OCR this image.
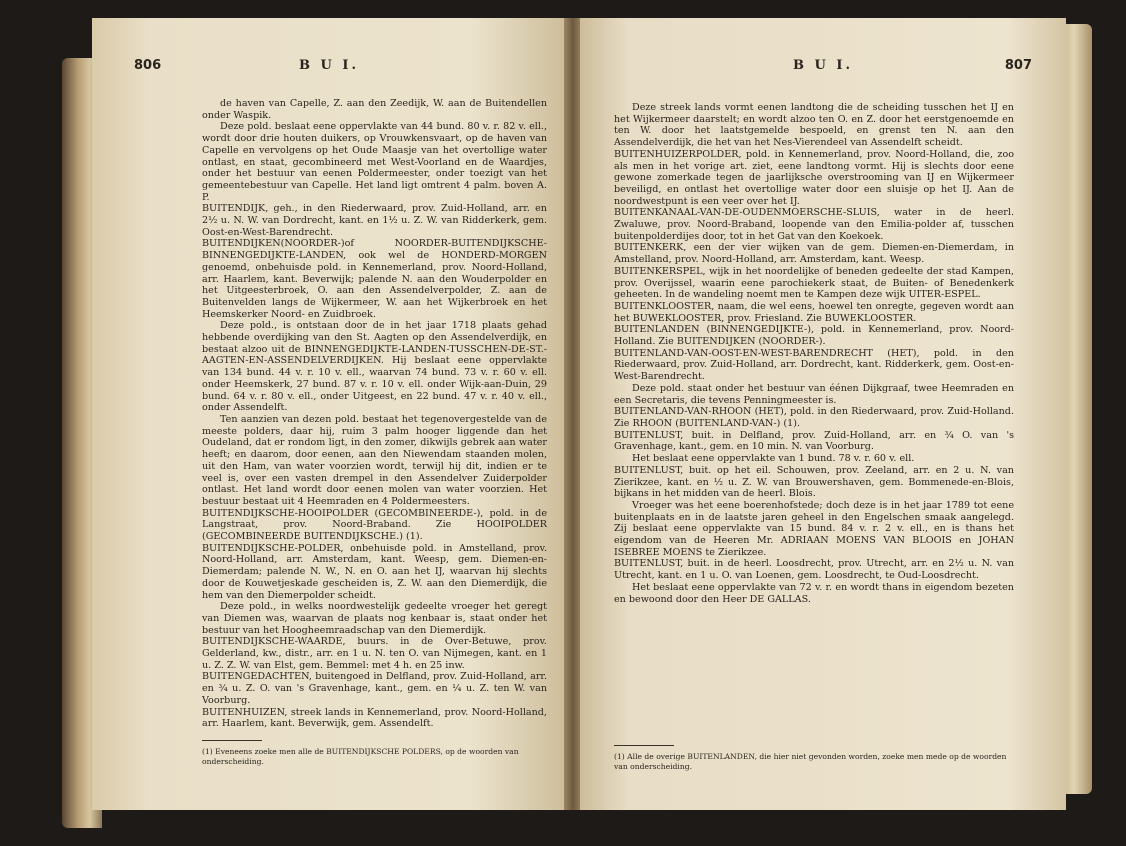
806	B U I.

de haven van Capelle, Z. aan den Zeedijk, W. aan de Buitendellen onder Waspik.

Deze pold. beslaat eene oppervlakte van 44 bund. 80 v. r. 82 v. ell., wordt door drie houten duikers, op Vrouwkensvaart, op de haven van Capelle en vervolgens op het Oude Maasje van het overtollige water ontlast, en staat, gecombineerd met West-Voorland en de Waardjes, onder het bestuur van eenen Poldermeester, onder toezigt van het gemeentebestuur van Capelle. Het land ligt omtrent 4 palm. boven A. P.

BUITENDIJK, geh., in den Riederwaard, prov. Zuid-Holland, arr. en 2½ u. N. W. van Dordrecht, kant. en 1½ u. Z. W. van Ridderkerk, gem. Oost-en-West-Barendrecht.

BUITENDIJKEN(NOORDER-)of NOORDER-BUITENDIJKSCHE-BINNENGEDIJKTE-LANDEN, ook wel de HONDERD-MORGEN genoemd, onbehuisde pold. in Kennemerland, prov. Noord-Holland, arr. Haarlem, kant. Beverwijk; palende N. aan den Wouderpolder en het Uitgeesterbroek, O. aan den Assendelverpolder, Z. aan de Buitenvelden langs de Wijkermeer, W. aan het Wijkerbroek en het Heemskerker Noord- en Zuidbroek.

Deze pold., is ontstaan door de in het jaar 1718 plaats gehad hebbende overdijking van den St. Aagten op den Assendelverdijk, en bestaat alzoo uit de BINNENGEDIJKTE-LANDEN-TUSSCHEN-DE-ST.-AAGTEN-EN-ASSENDELVERDIJKEN. Hij beslaat eene oppervlakte van 134 bund. 44 v. r. 10 v. ell., waarvan 74 bund. 73 v. r. 60 v. ell. onder Heemskerk, 27 bund. 87 v. r. 10 v. ell. onder Wijk-aan-Duin, 29 bund. 64 v. r. 80 v. ell., onder Uitgeest, en 22 bund. 47 v. r. 40 v. ell., onder Assendelft.

Ten aanzien van dezen pold. bestaat het tegenovergestelde van de meeste polders, daar hij, ruim 3 palm hooger liggende dan het Oudeland, dat er rondom ligt, in den zomer, dikwijls gebrek aan water heeft; en daarom, door eenen, aan den Niewendam staanden molen, uit den Ham, van water voorzien wordt, terwijl hij dit, indien er te veel is, over een vasten drempel in den Assendelver Zuiderpolder ontlast. Het land wordt door eenen molen van water voorzien. Het bestuur bestaat uit 4 Heemraden en 4 Poldermeesters.

BUITENDIJKSCHE-HOOIPOLDER (GECOMBINEERDE-), pold. in de Langstraat, prov. Noord-Braband. Zie HOOIPOLDER (GECOMBINEERDE BUITENDIJKSCHE.) (1).

BUITENDIJKSCHE-POLDER, onbehuisde pold. in Amstelland, prov. Noord-Holland, arr. Amsterdam, kant. Weesp, gem. Diemen-en-Diemerdam; palende N. W., N. en O. aan het IJ, waarvan hij slechts door de Kouwetjeskade gescheiden is, Z. W. aan den Diemerdijk, die hem van den Diemerpolder scheidt.

Deze pold., in welks noordwestelijk gedeelte vroeger het geregt van Diemen was, waarvan de plaats nog kenbaar is, staat onder het bestuur van het Hoogheemraadschap van den Diemerdijk.

BUITENDIJKSCHE-WAARDE, buurs. in de Over-Betuwe, prov. Gelderland, kw., distr., arr. en 1 u. N. ten O. van Nijmegen, kant. en 1 u. Z. Z. W. van Elst, gem. Bemmel: met 4 h. en 25 inw.

BUITENGEDACHTEN, buitengoed in Delfland, prov. Zuid-Holland, arr. en ¾ u. Z. O. van 's Gravenhage, kant., gem. en ¼ u. Z. ten W. van Voorburg.

BUITENHUIZEN, streek lands in Kennemerland, prov. Noord-Holland, arr. Haarlem, kant. Beverwijk, gem. Assendelft.

(1) Eveneens zoeke men alle de BUITENDIJKSCHE POLDERS, op de woorden van onderscheiding.
B U I.	807

Deze streek lands vormt eenen landtong die de scheiding tusschen het IJ en het Wijkermeer daarstelt; en wordt alzoo ten O. en Z. door het eerstgenoemde en ten W. door het laatstgemelde bespoeld, en grenst ten N. aan den Assendelverdijk, die het van het Nes-Vierendeel van Assendelft scheidt.

BUITENHUIZERPOLDER, pold. in Kennemerland, prov. Noord-Holland, die, zoo als men in het vorige art. ziet, eene landtong vormt. Hij is slechts door eene gewone zomerkade tegen de jaarlijksche overstrooming van IJ en Wijkermeer beveiligd, en ontlast het overtollige water door een sluisje op het IJ. Aan de noordwestpunt is een veer over het IJ.

BUITENKANAAL-VAN-DE-OUDENMOERSCHE-SLUIS, water in de heerl. Zwaluwe, prov. Noord-Braband, loopende van den Emilia-polder af, tusschen buitenpolderdijes door, tot in het Gat van den Koekoek.

BUITENKERK, een der vier wijken van de gem. Diemen-en-Diemerdam, in Amstelland, prov. Noord-Holland, arr. Amsterdam, kant. Weesp.

BUITENKERSPEL, wijk in het noordelijke of beneden gedeelte der stad Kampen, prov. Overijssel, waarin eene parochiekerk staat, de Buiten- of Benedenkerk geheeten. In de wandeling noemt men te Kampen deze wijk UITER-ESPEL.

BUITENKLOOSTER, naam, die wel eens, hoewel ten onregte, gegeven wordt aan het BUWEKLOOSTER, prov. Friesland. Zie BUWEKLOOSTER.

BUITENLANDEN (BINNENGEDIJKTE-), pold. in Kennemerland, prov. Noord-Holland. Zie BUITENDIJKEN (NOORDER-).

BUITENLAND-VAN-OOST-EN-WEST-BARENDRECHT (HET), pold. in den Riederwaard, prov. Zuid-Holland, arr. Dordrecht, kant. Ridderkerk, gem. Oost-en-West-Barendrecht.

Deze pold. staat onder het bestuur van éénen Dijkgraaf, twee Heemraden en een Secretaris, die tevens Penningmeester is.

BUITENLAND-VAN-RHOON (HET), pold. in den Riederwaard, prov. Zuid-Holland. Zie RHOON (BUITENLAND-VAN-) (1).

BUITENLUST, buit. in Delfland, prov. Zuid-Holland, arr. en ¾ O. van 's Gravenhage, kant., gem. en 10 min. N. van Voorburg.

Het beslaat eene oppervlakte van 1 bund. 78 v. r. 60 v. ell.

BUITENLUST, buit. op het eil. Schouwen, prov. Zeeland, arr. en 2 u. N. van Zierikzee, kant. en ½ u. Z. W. van Brouwershaven, gem. Bommenede-en-Blois, bijkans in het midden van de heerl. Blois.

Vroeger was het eene boerenhofstede; doch deze is in het jaar 1789 tot eene buitenplaats en in de laatste jaren geheel in den Engelschen smaak aangelegd. Zij beslaat eene oppervlakte van 15 bund. 84 v. r. 2 v. ell., en is thans het eigendom van de Heeren Mr. ADRIAAN MOENS VAN BLOOIS en JOHAN ISEBREE MOENS te Zierikzee.

BUITENLUST, buit. in de heerl. Loosdrecht, prov. Utrecht, arr. en 2½ u. N. van Utrecht, kant. en 1 u. O. van Loenen, gem. Loosdrecht, te Oud-Loosdrecht.

Het beslaat eene oppervlakte van 72 v. r. en wordt thans in eigendom bezeten en bewoond door den Heer DE GALLAS.

(1) Alle de overige BUITENLANDEN, die hier niet gevonden worden, zoeke men mede op de woorden van onderscheiding.
